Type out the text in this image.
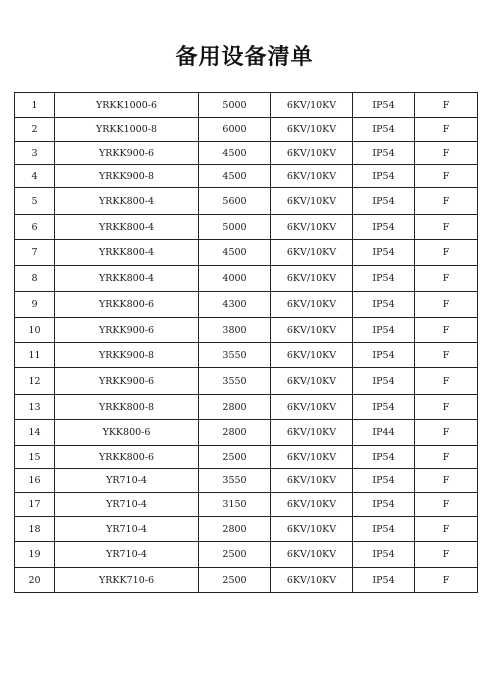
备用设备清单
1	YRKK1000-6	5000	6KV/10KV	IP54	F
2	YRKK1000-8	6000	6KV/10KV	IP54	F
3	YRKK900-6	4500	6KV/10KV	IP54	F
4	YRKK900-8	4500	6KV/10KV	IP54	F
5	YRKK800-4	5600	6KV/10KV	IP54	F
6	YRKK800-4	5000	6KV/10KV	IP54	F
7	YRKK800-4	4500	6KV/10KV	IP54	F
8	YRKK800-4	4000	6KV/10KV	IP54	F
9	YRKK800-6	4300	6KV/10KV	IP54	F
10	YRKK900-6	3800	6KV/10KV	IP54	F
11	YRKK900-8	3550	6KV/10KV	IP54	F
12	YRKK900-6	3550	6KV/10KV	IP54	F
13	YRKK800-8	2800	6KV/10KV	IP54	F
14	YKK800-6	2800	6KV/10KV	IP44	F
15	YRKK800-6	2500	6KV/10KV	IP54	F
16	YR710-4	3550	6KV/10KV	IP54	F
17	YR710-4	3150	6KV/10KV	IP54	F
18	YR710-4	2800	6KV/10KV	IP54	F
19	YR710-4	2500	6KV/10KV	IP54	F
20	YRKK710-6	2500	6KV/10KV	IP54	F
